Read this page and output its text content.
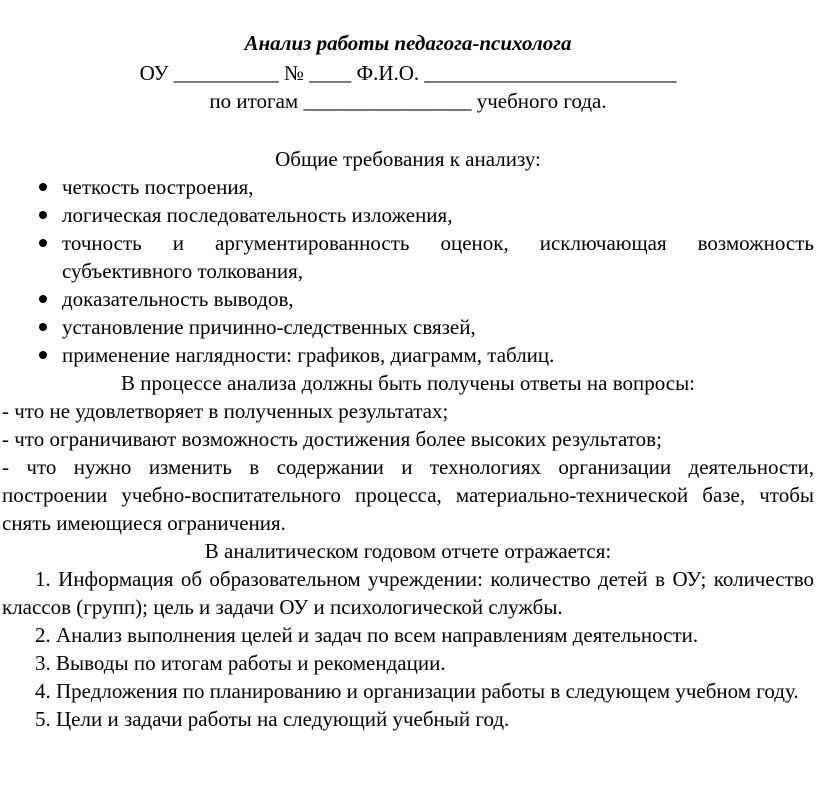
Анализ работы педагога-психолога
ОУ __________ № ____ Ф.И.О. ________________________
по итогам ________________ учебного года.
Общие требования к анализу:
четкость построения,
логическая последовательность изложения,
точность и аргументированность оценок, исключающая возможность субъективного толкования,
доказательность выводов,
установление причинно-следственных связей,
применение наглядности: графиков, диаграмм, таблиц.
В процессе анализа должны быть получены ответы на вопросы:
- что не удовлетворяет в полученных результатах;
- что ограничивают возможность достижения более высоких результатов;
- что нужно изменить в содержании и технологиях организации деятельности, построении учебно-воспитательного процесса, материально-технической базе, чтобы снять имеющиеся ограничения.
В аналитическом годовом отчете отражается:
1. Информация об образовательном учреждении: количество детей в ОУ; количество классов (групп); цель и задачи ОУ и психологической службы.
2. Анализ выполнения целей и задач по всем направлениям деятельности.
3. Выводы по итогам работы и рекомендации.
4. Предложения по планированию и организации работы в следующем учебном году.
5. Цели и задачи работы на следующий учебный год.
